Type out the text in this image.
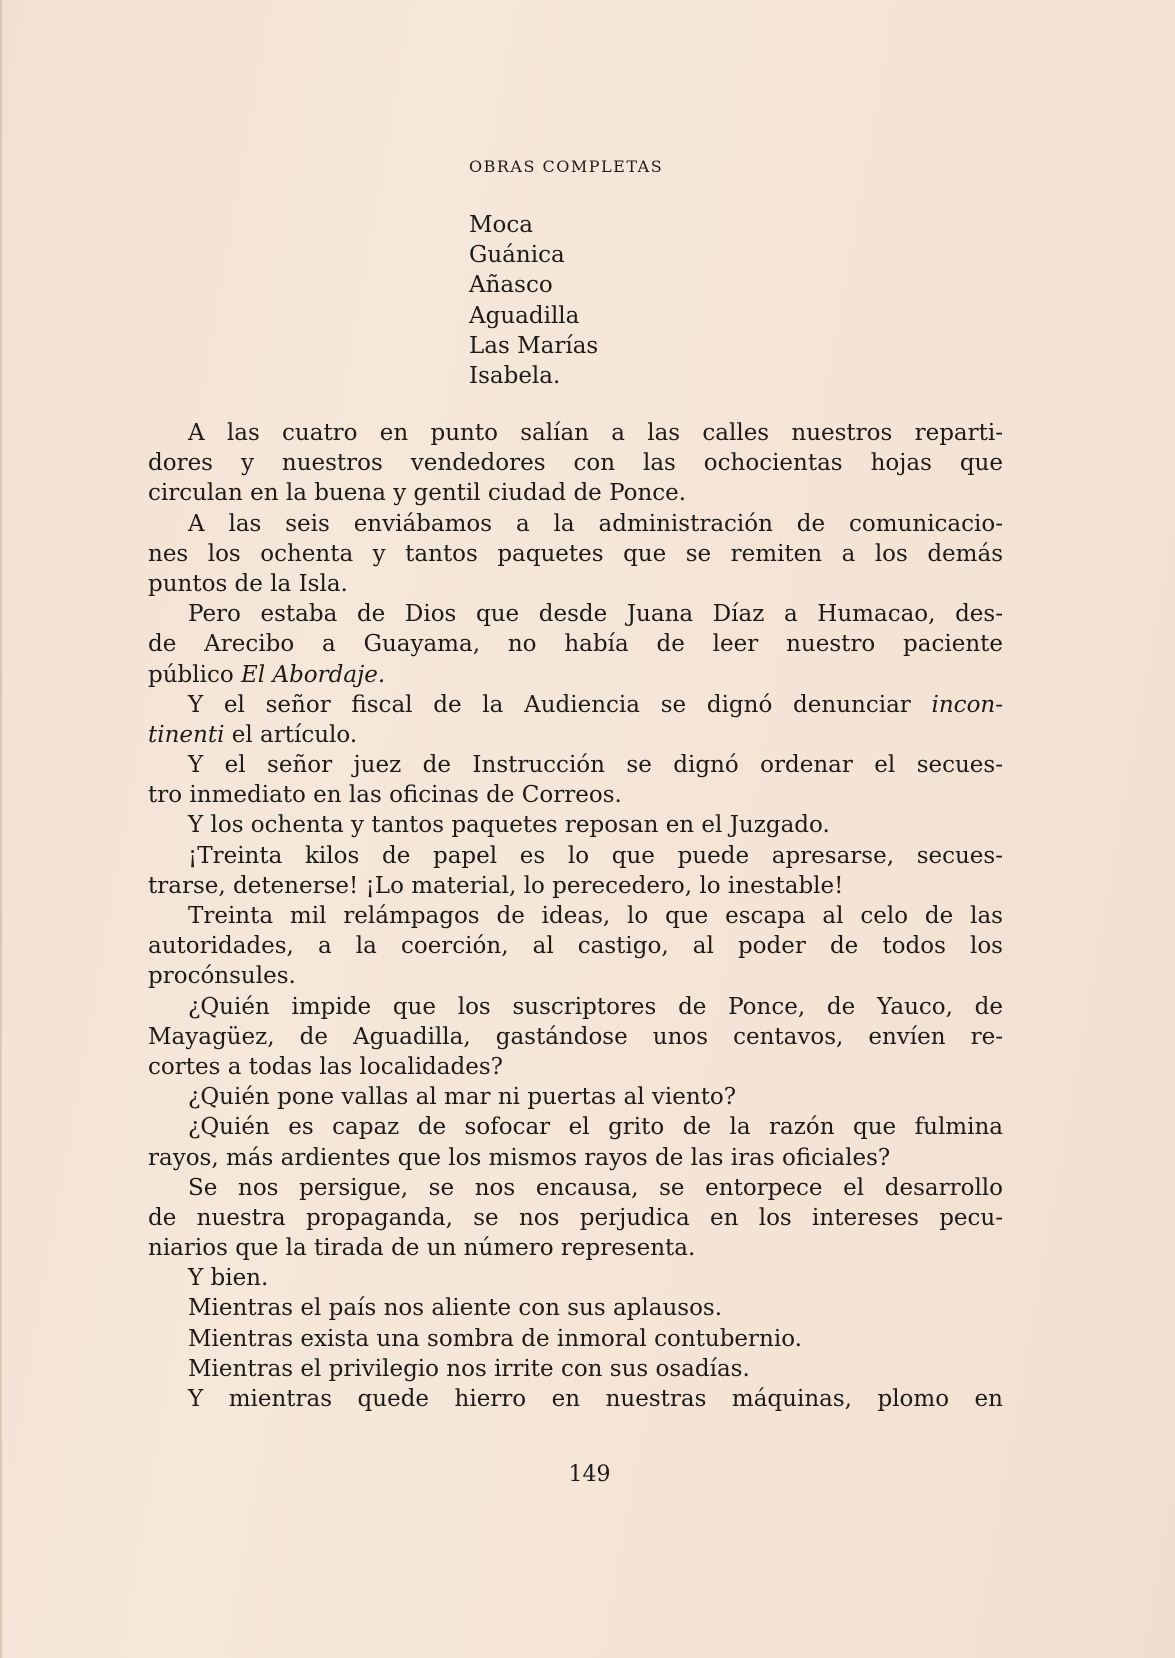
OBRAS COMPLETAS
Moca
Guánica
Añasco
Aguadilla
Las Marías
Isabela.
A las cuatro en punto salían a las calles nuestros reparti-
dores y nuestros vendedores con las ochocientas hojas que
circulan en la buena y gentil ciudad de Ponce.
A las seis enviábamos a la administración de comunicacio-
nes los ochenta y tantos paquetes que se remiten a los demás
puntos de la Isla.
Pero estaba de Dios que desde Juana Díaz a Humacao, des-
de Arecibo a Guayama, no había de leer nuestro paciente
público El Abordaje.
Y el señor fiscal de la Audiencia se dignó denunciar incon-
tinenti el artículo.
Y el señor juez de Instrucción se dignó ordenar el secues-
tro inmediato en las oficinas de Correos.
Y los ochenta y tantos paquetes reposan en el Juzgado.
¡Treinta kilos de papel es lo que puede apresarse, secues-
trarse, detenerse! ¡Lo material, lo perecedero, lo inestable!
Treinta mil relámpagos de ideas, lo que escapa al celo de las
autoridades, a la coerción, al castigo, al poder de todos los
procónsules.
¿Quién impide que los suscriptores de Ponce, de Yauco, de
Mayagüez, de Aguadilla, gastándose unos centavos, envíen re-
cortes a todas las localidades?
¿Quién pone vallas al mar ni puertas al viento?
¿Quién es capaz de sofocar el grito de la razón que fulmina
rayos, más ardientes que los mismos rayos de las iras oficiales?
Se nos persigue, se nos encausa, se entorpece el desarrollo
de nuestra propaganda, se nos perjudica en los intereses pecu-
niarios que la tirada de un número representa.
Y bien.
Mientras el país nos aliente con sus aplausos.
Mientras exista una sombra de inmoral contubernio.
Mientras el privilegio nos irrite con sus osadías.
Y mientras quede hierro en nuestras máquinas, plomo en
149
